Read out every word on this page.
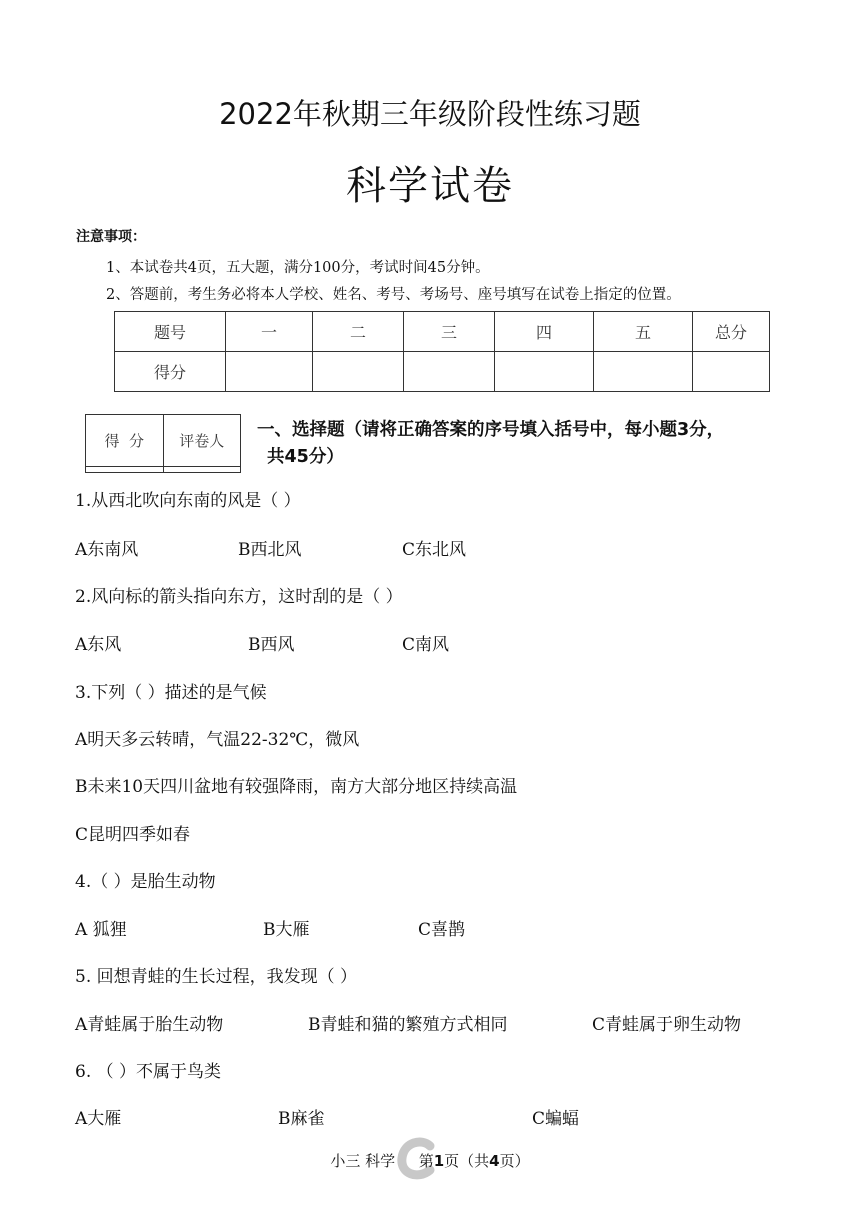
2022年秋期三年级阶段性练习题
科学试卷
注意事项：
1、本试卷共4页，五大题，满分100分，考试时间45分钟。
2、答题前，考生务必将本人学校、姓名、考号、考场号、座号填写在试卷上指定的位置。
题号	一	二	三	四	五	总分
得分						
得  分	评卷人

一、选择题（请将正确答案的序号填入括号中，每小题3分，
共45分）
1.从西北吹向东南的风是（ ）
A东南风	B西北风	C东北风
2.风向标的箭头指向东方，这时刮的是（ ）
A东风	B西风	C南风
3.下列（ ）描述的是气候
A明天多云转晴，气温22-32℃，微风
B未来10天四川盆地有较强降雨，南方大部分地区持续高温
C昆明四季如春
4.（ ）是胎生动物
A 狐狸	B大雁	C喜鹊
5. 回想青蛙的生长过程，我发现（ ）
A青蛙属于胎生动物	B青蛙和猫的繁殖方式相同	C青蛙属于卵生动物
6. （ ）不属于鸟类
A大雁	B麻雀	C蝙蝠
小三 科学 第1页（共4页）
